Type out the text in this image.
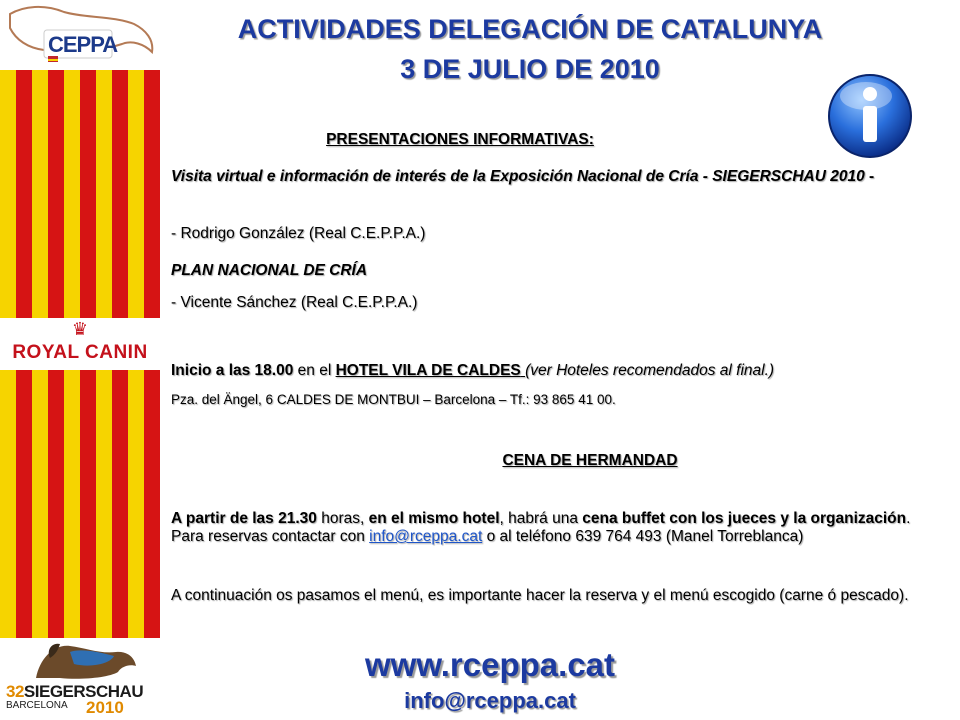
CEPPA
♛
ROYAL CANIN
32SIEGERSCHAU
BARCELONA 2010
ACTIVIDADES DELEGACIÓN DE CATALUNYA
3 DE JULIO DE 2010
PRESENTACIONES INFORMATIVAS:
Visita virtual e información de interés de la Exposición Nacional de Cría - SIEGERSCHAU 2010 -
- Rodrigo González (Real C.E.P.P.A.)
PLAN NACIONAL DE CRÍA
- Vicente Sánchez (Real C.E.P.P.A.)
Inicio a las 18.00 en el HOTEL VILA DE CALDES (ver Hoteles recomendados al final.)
Pza. del Ängel, 6 CALDES DE MONTBUI – Barcelona – Tf.: 93 865 41 00.
CENA DE HERMANDAD
A partir de las 21.30 horas, en el mismo hotel, habrá una cena buffet con los jueces y la organización. Para reservas contactar con info@rceppa.cat o al teléfono 639 764 493 (Manel Torreblanca)
A continuación os pasamos el menú, es importante hacer la reserva y el menú escogido (carne ó pescado).
www.rceppa.cat
info@rceppa.cat
